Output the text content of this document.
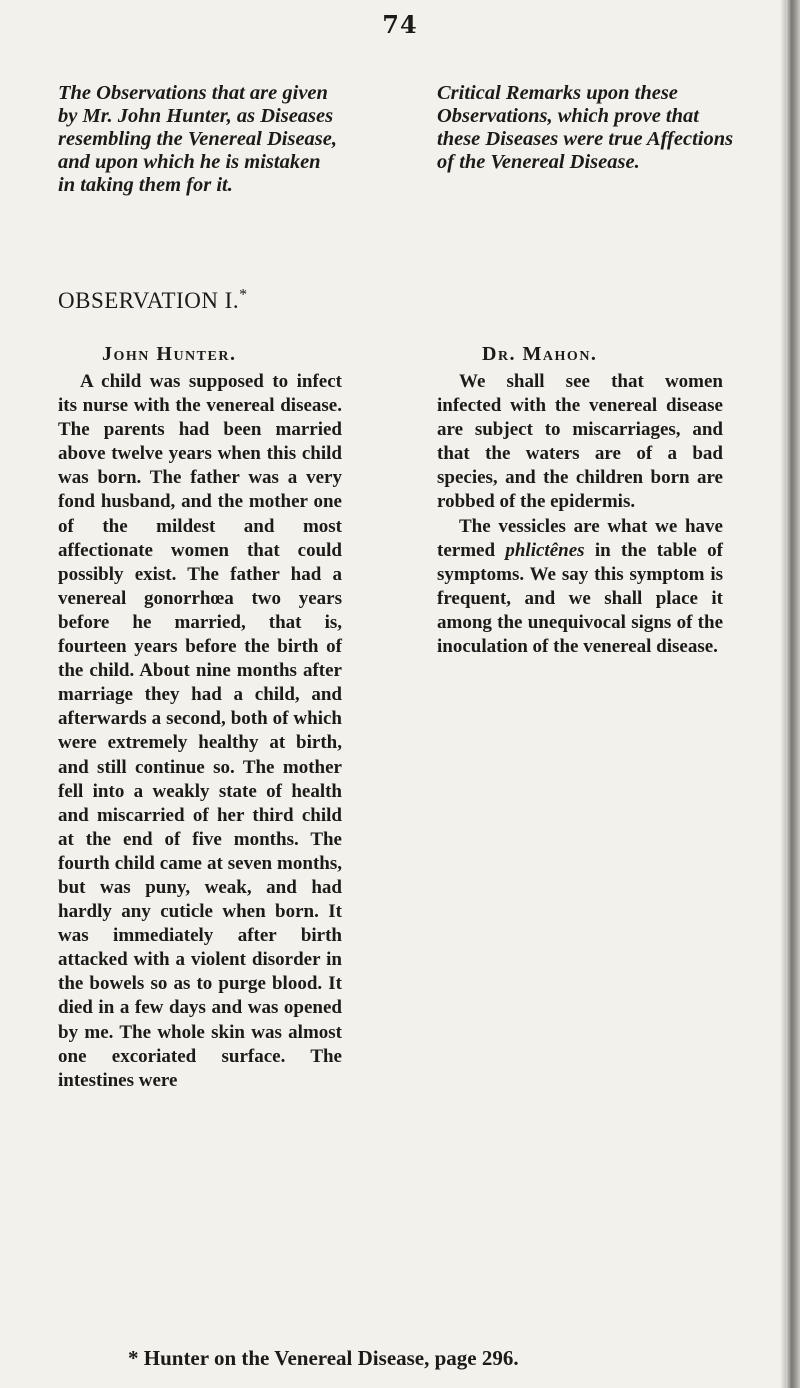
74

The Observations that are given by Mr. John Hunter, as Diseases resembling the Venereal Disease, and upon which he is mistaken in taking them for it.

Critical Remarks upon these Observations, which prove that these Diseases were true Affections of the Venereal Disease.

OBSERVATION I.*
John Hunter.	Dr. Mahon.

A child was supposed to infect its nurse with the venereal disease. The parents had been married above twelve years when this child was born. The father was a very fond husband, and the mother one of the mildest and most affectionate women that could possibly exist. The father had a venereal gonorrhœa two years before he married, that is, fourteen years before the birth of the child. About nine months after marriage they had a child, and afterwards a second, both of which were extremely healthy at birth, and still continue so. The mother fell into a weakly state of health and miscarried of her third child at the end of five months. The fourth child came at seven months, but was puny, weak, and had hardly any cuticle when born. It was immediately after birth attacked with a violent disorder in the bowels so as to purge blood. It died in a few days and was opened by me. The whole skin was almost one excoriated surface. The intestines were

We shall see that women infected with the venereal disease are subject to miscarriages, and that the waters are of a bad species, and the children born are robbed of the epidermis.

The vessicles are what we have termed phlictênes in the table of symptoms. We say this symptom is frequent, and we shall place it among the unequivocal signs of the inoculation of the venereal disease.

* Hunter on the Venereal Disease, page 296.
